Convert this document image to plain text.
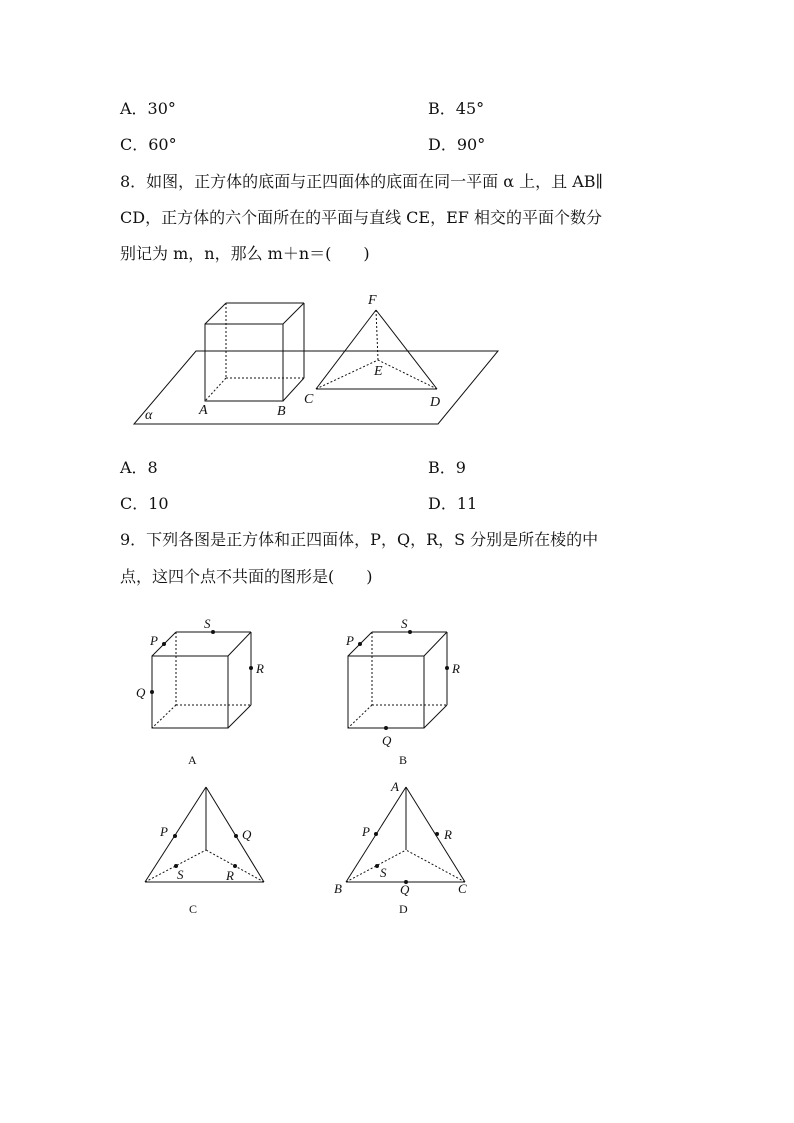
A．30°	B．45°
C．60°	D．90°
8．如图，正方体的底面与正四面体的底面在同一平面 α 上，且 AB∥
CD，正方体的六个面所在的平面与直线 CE，EF 相交的平面个数分
别记为 m，n，那么 m＋n＝(　　)
F
E
C	D
A	B
α
A．8	B．9
C．10	D．11
9．下列各图是正方体和正四面体，P，Q，R，S 分别是所在棱的中
点，这四个点不共面的图形是(　　)
P
S
R
Q
A
P
S
R
Q
B
P	Q
S	R
C
A
P	R
S
B	Q	C
D
